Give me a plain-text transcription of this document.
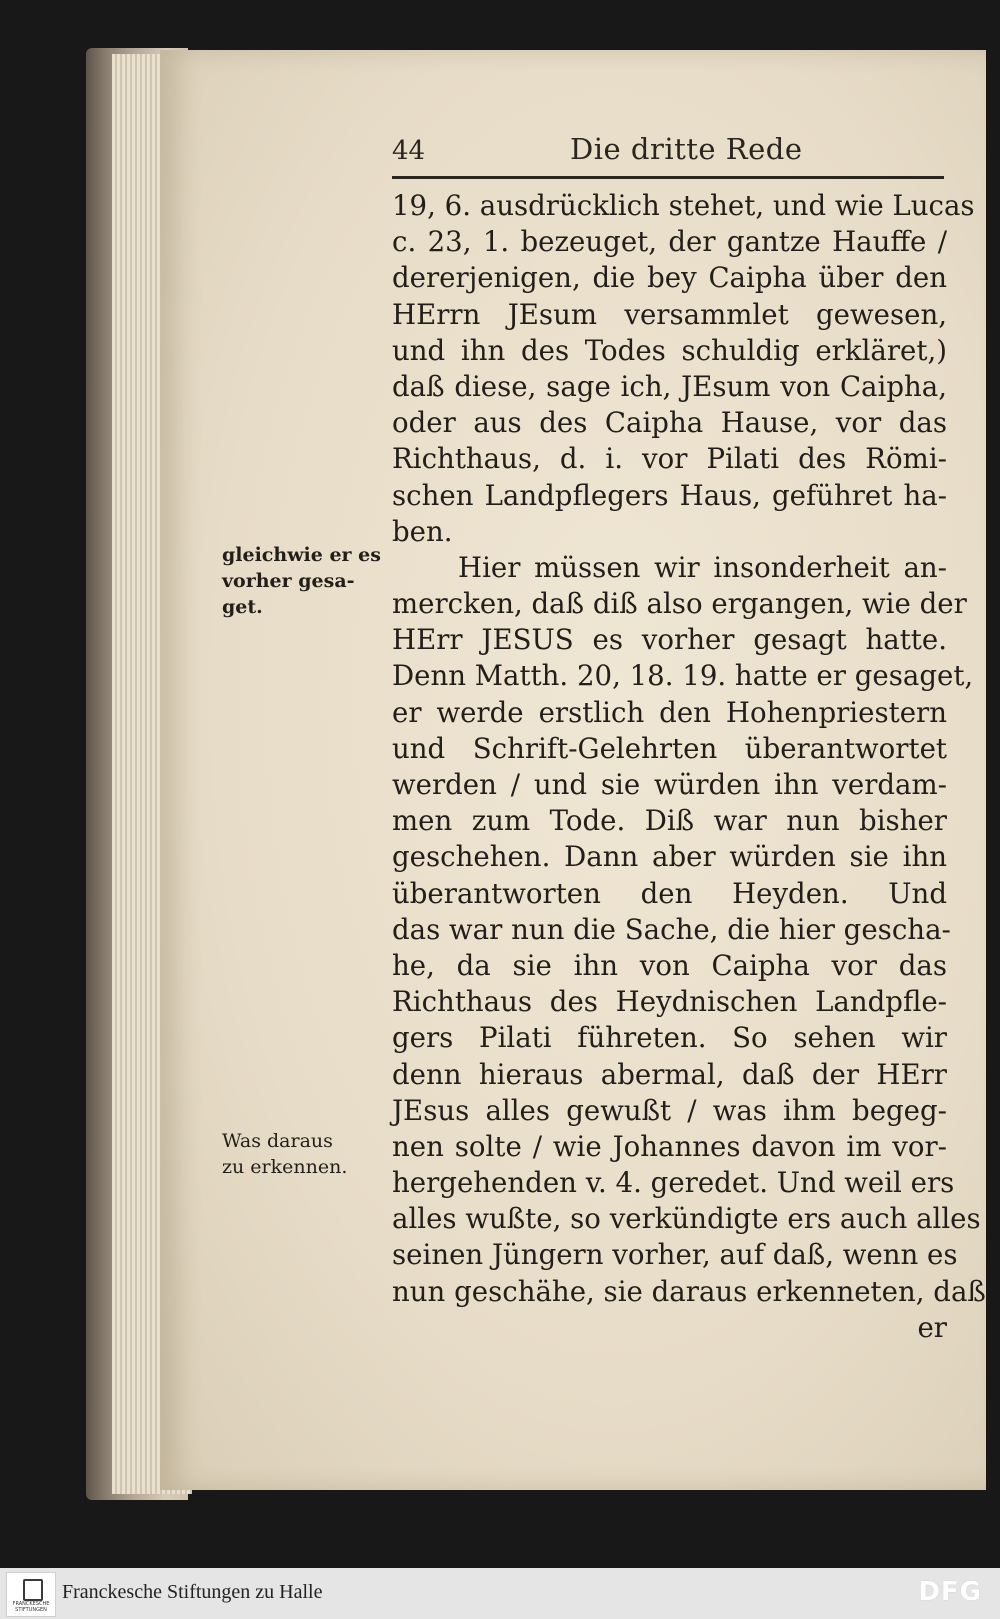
44	Die dritte Rede
gleichwie er es
vorher gesa-
get.
Was daraus
zu erkennen.
19, 6. ausdrücklich stehet, und wie Lucas
c. 23, 1. bezeuget, der gantze Hauffe /
dererjenigen, die bey Caipha über den
HErrn JEsum versammlet gewesen,
und ihn des Todes schuldig erkläret,)
daß diese, sage ich, JEsum von Caipha,
oder aus des Caipha Hause, vor das
Richthaus, d. i. vor Pilati des Römi-
schen Landpflegers Haus, geführet ha-
ben.
Hier müssen wir insonderheit an-
mercken, daß diß also ergangen, wie der
HErr JESUS es vorher gesagt hatte.
Denn Matth. 20, 18. 19. hatte er gesaget,
er werde erstlich den Hohenpriestern
und Schrift-Gelehrten überantwortet
werden / und sie würden ihn verdam-
men zum Tode. Diß war nun bisher
geschehen. Dann aber würden sie ihn
überantworten den Heyden. Und
das war nun die Sache, die hier gescha-
he, da sie ihn von Caipha vor das
Richthaus des Heydnischen Landpfle-
gers Pilati führeten. So sehen wir
denn hieraus abermal, daß der HErr
JEsus alles gewußt / was ihm begeg-
nen solte / wie Johannes davon im vor-
hergehenden v. 4. geredet. Und weil ers
alles wußte, so verkündigte ers auch alles
seinen Jüngern vorher, auf daß, wenn es
nun geschähe, sie daraus erkenneten, daß
er
FRANCKESCHE STIFTUNGEN
Franckesche Stiftungen zu Halle	DFG
